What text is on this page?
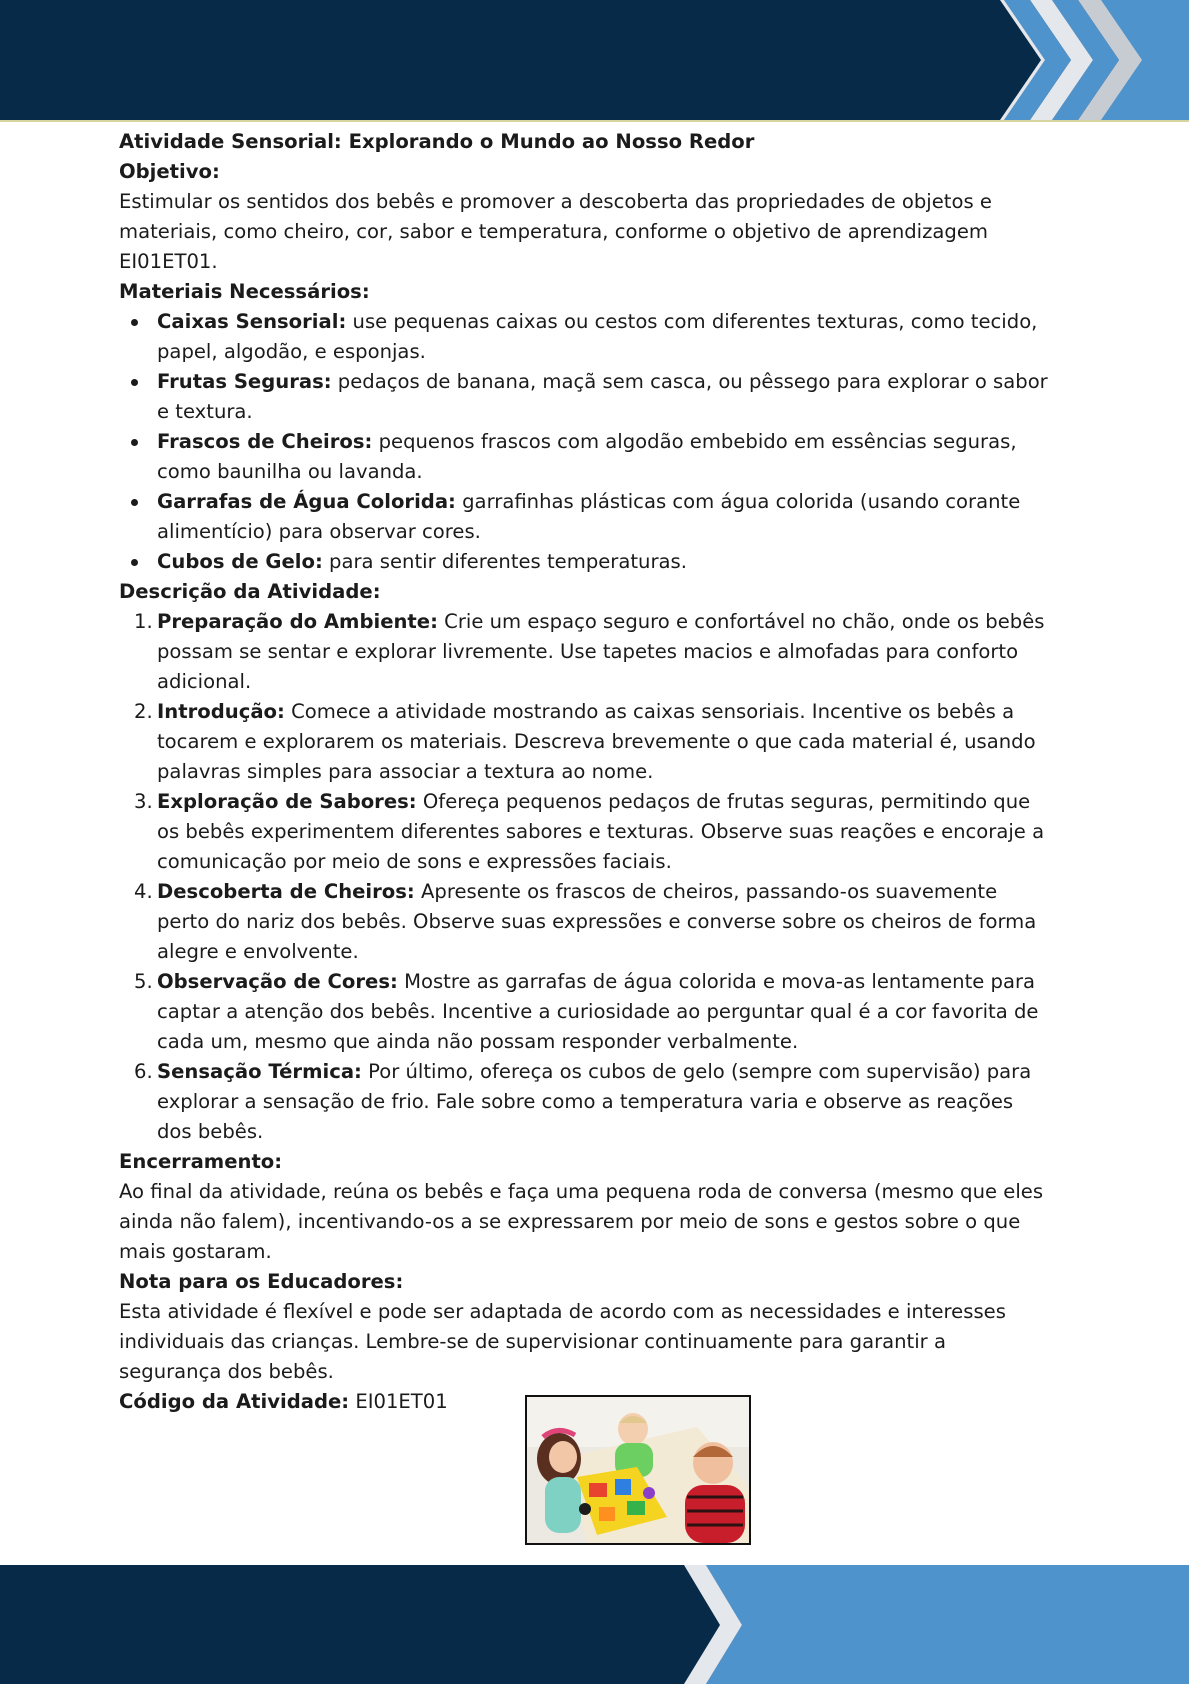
Atividade Sensorial: Explorando o Mundo ao Nosso Redor

Objetivo:

Estimular os sentidos dos bebês e promover a descoberta das propriedades de objetos e materiais, como cheiro, cor, sabor e temperatura, conforme o objetivo de aprendizagem EI01ET01.

Materiais Necessários:

Caixas Sensorial: use pequenas caixas ou cestos com diferentes texturas, como tecido, papel, algodão, e esponjas.
Frutas Seguras: pedaços de banana, maçã sem casca, ou pêssego para explorar o sabor e textura.
Frascos de Cheiros: pequenos frascos com algodão embebido em essências seguras, como baunilha ou lavanda.
Garrafas de Água Colorida: garrafinhas plásticas com água colorida (usando corante alimentício) para observar cores.
Cubos de Gelo: para sentir diferentes temperaturas.

Descrição da Atividade:

1. Preparação do Ambiente: Crie um espaço seguro e confortável no chão, onde os bebês possam se sentar e explorar livremente. Use tapetes macios e almofadas para conforto adicional.
2. Introdução: Comece a atividade mostrando as caixas sensoriais. Incentive os bebês a tocarem e explorarem os materiais. Descreva brevemente o que cada material é, usando palavras simples para associar a textura ao nome.
3. Exploração de Sabores: Ofereça pequenos pedaços de frutas seguras, permitindo que os bebês experimentem diferentes sabores e texturas. Observe suas reações e encoraje a comunicação por meio de sons e expressões faciais.
4. Descoberta de Cheiros: Apresente os frascos de cheiros, passando-os suavemente perto do nariz dos bebês. Observe suas expressões e converse sobre os cheiros de forma alegre e envolvente.
5. Observação de Cores: Mostre as garrafas de água colorida e mova-as lentamente para captar a atenção dos bebês. Incentive a curiosidade ao perguntar qual é a cor favorita de cada um, mesmo que ainda não possam responder verbalmente.
6. Sensação Térmica: Por último, ofereça os cubos de gelo (sempre com supervisão) para explorar a sensação de frio. Fale sobre como a temperatura varia e observe as reações dos bebês.

Encerramento:

Ao final da atividade, reúna os bebês e faça uma pequena roda de conversa (mesmo que eles ainda não falem), incentivando-os a se expressarem por meio de sons e gestos sobre o que mais gostaram.

Nota para os Educadores:

Esta atividade é flexível e pode ser adaptada de acordo com as necessidades e interesses individuais das crianças. Lembre-se de supervisionar continuamente para garantir a segurança dos bebês.

Código da Atividade: EI01ET01
